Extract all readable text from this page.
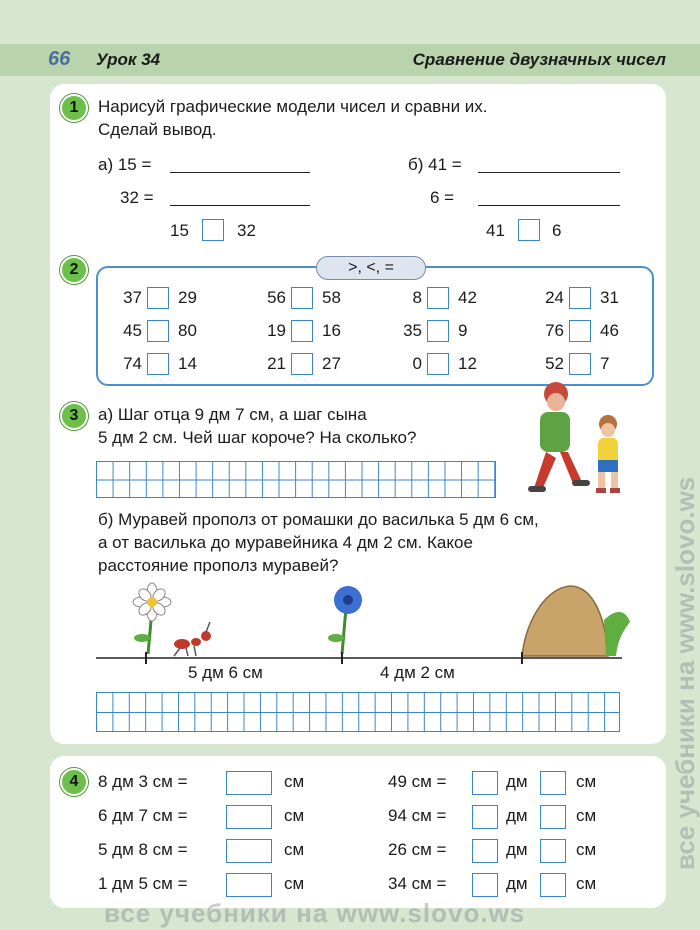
66 Урок 34	Сравнение двузначных чисел
1	Нарисуй графические модели чисел и сравни их.
Сделай вывод.
а) 15 =
32 =
15	32
б) 41 =
6 =
41	6
2	>, <, =
37 29	56 58	8 42	24 31
45 80	19 16	35 9	76 46
74 14	21 27	0 12	52 7
3	а) Шаг отца 9 дм 7 см, а шаг сына
5 дм 2 см. Чей шаг короче? На сколько?
б) Муравей прополз от ромашки до василька 5 дм 6 см,
а от василька до муравейника 4 дм 2 см. Какое
расстояние прополз муравей?
5 дм 6 см	4 дм 2 см
4	8 дм 3 см =	см
6 дм 7 см =	см
5 дм 8 см =	см
1 дм 5 см =	см
49 см =	дм	см
94 см =	дм	см
26 см =	дм	см
34 см =	дм	см
все учебники на www.slovo.ws
все учебники на www.slovo.ws
